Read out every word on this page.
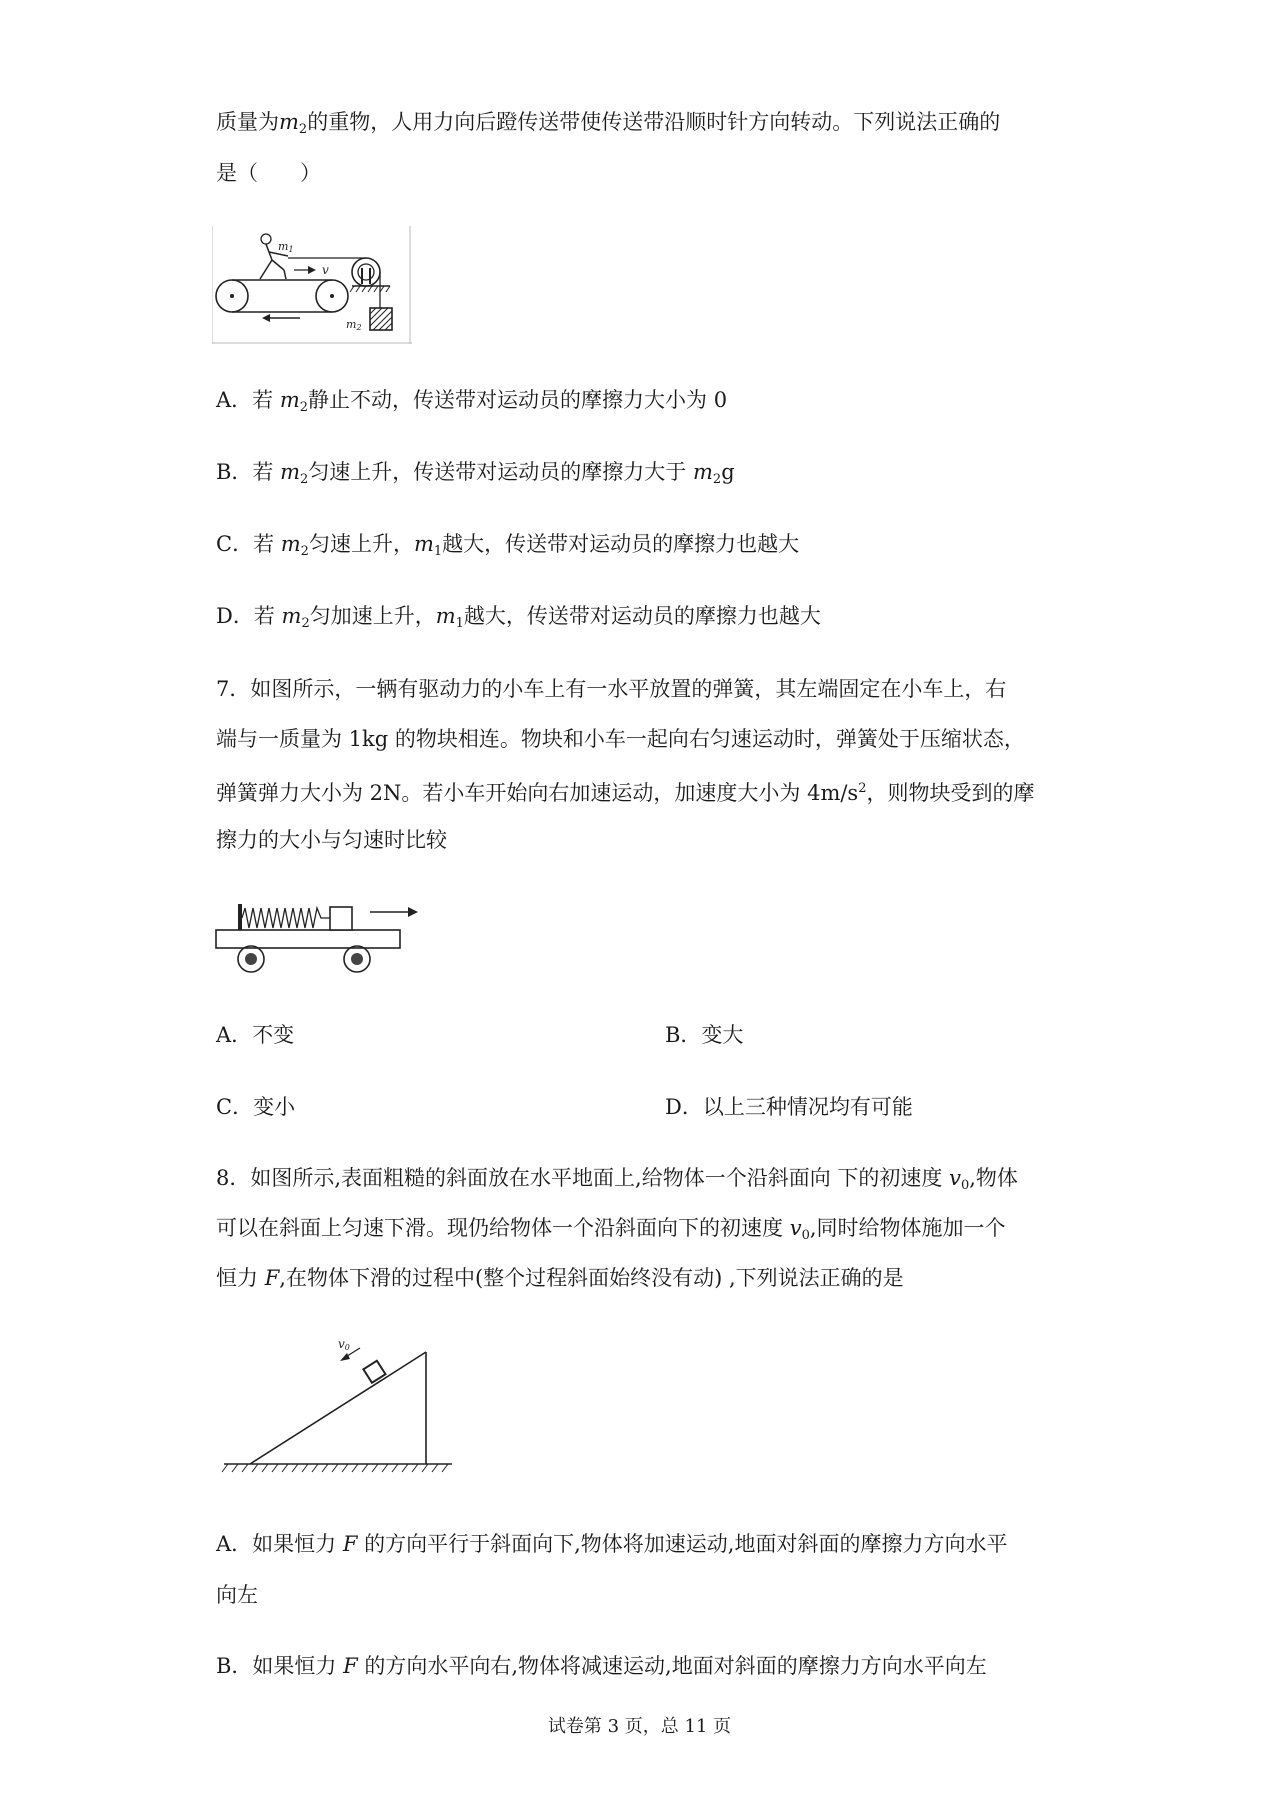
质量为$m_2$的重物，人用力向后蹬传送带使传送带沿顺时针方向转动。下列说法正确的
是（　　）
m1
v
m2
A．若 $m_2$静止不动，传送带对运动员的摩擦力大小为 0
B．若 $m_2$匀速上升，传送带对运动员的摩擦力大于 $m_2g$
C．若 $m_2$匀速上升，$m_1$越大，传送带对运动员的摩擦力也越大
D．若 $m_2$匀加速上升，$m_1$越大，传送带对运动员的摩擦力也越大
7．如图所示，一辆有驱动力的小车上有一水平放置的弹簧，其左端固定在小车上，右
端与一质量为 1kg 的物块相连。物块和小车一起向右匀速运动时，弹簧处于压缩状态，
弹簧弹力大小为 2N。若小车开始向右加速运动，加速度大小为 $4m/s^2$，则物块受到的摩
擦力的大小与匀速时比较
A．不变	B．变大
C．变小	D．以上三种情况均有可能
8．如图所示,表面粗糙的斜面放在水平地面上,给物体一个沿斜面向 下的初速度 $v_0$,物体
可以在斜面上匀速下滑。现仍给物体一个沿斜面向下的初速度 $v_0$,同时给物体施加一个
恒力 F,在物体下滑的过程中(整个过程斜面始终没有动) ,下列说法正确的是
v0
A．如果恒力 F 的方向平行于斜面向下,物体将加速运动,地面对斜面的摩擦力方向水平
向左
B．如果恒力 F 的方向水平向右,物体将减速运动,地面对斜面的摩擦力方向水平向左
试卷第 3 页，总 11 页
